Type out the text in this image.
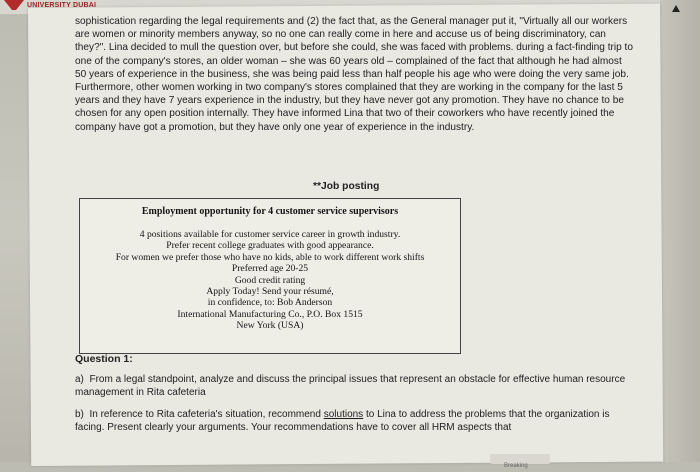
UNIVERSITY DUBAI

sophistication regarding the legal requirements and (2) the fact that, as the General manager put it, "Virtually all our workers are women or minority members anyway, so no one can really come in here and accuse us of being discriminatory, can they?". Lina decided to mull the question over, but before she could, she was faced with problems. during a fact-finding trip to one of the company's stores, an older woman – she was 60 years old – complained of the fact that although he had almost 50 years of experience in the business, she was being paid less than half people his age who were doing the very same job. Furthermore, other women working in two company's stores complained that they are working in the company for the last 5 years and they have 7 years experience in the industry, but they have never got any promotion. They have no chance to be chosen for any open position internally. They have informed Lina that two of their coworkers who have recently joined the company have got a promotion, but they have only one year of experience in the industry.

**Job posting
Employment opportunity for 4 customer service supervisors
4 positions available for customer service career in growth industry.
Prefer recent college graduates with good appearance.
For women we prefer those who have no kids, able to work different work shifts
Preferred age 20-25
Good credit rating
Apply Today! Send your résumé,
in confidence, to: Bob Anderson
International Manufacturing Co., P.O. Box 1515
New York (USA)
Question 1:
a) From a legal standpoint, analyze and discuss the principal issues that represent an obstacle for effective human resource management in Rita cafeteria
b) In reference to Rita cafeteria's situation, recommend solutions to Lina to address the problems that the organization is facing. Present clearly your arguments. Your recommendations have to cover all HRM aspects that
Breaking
